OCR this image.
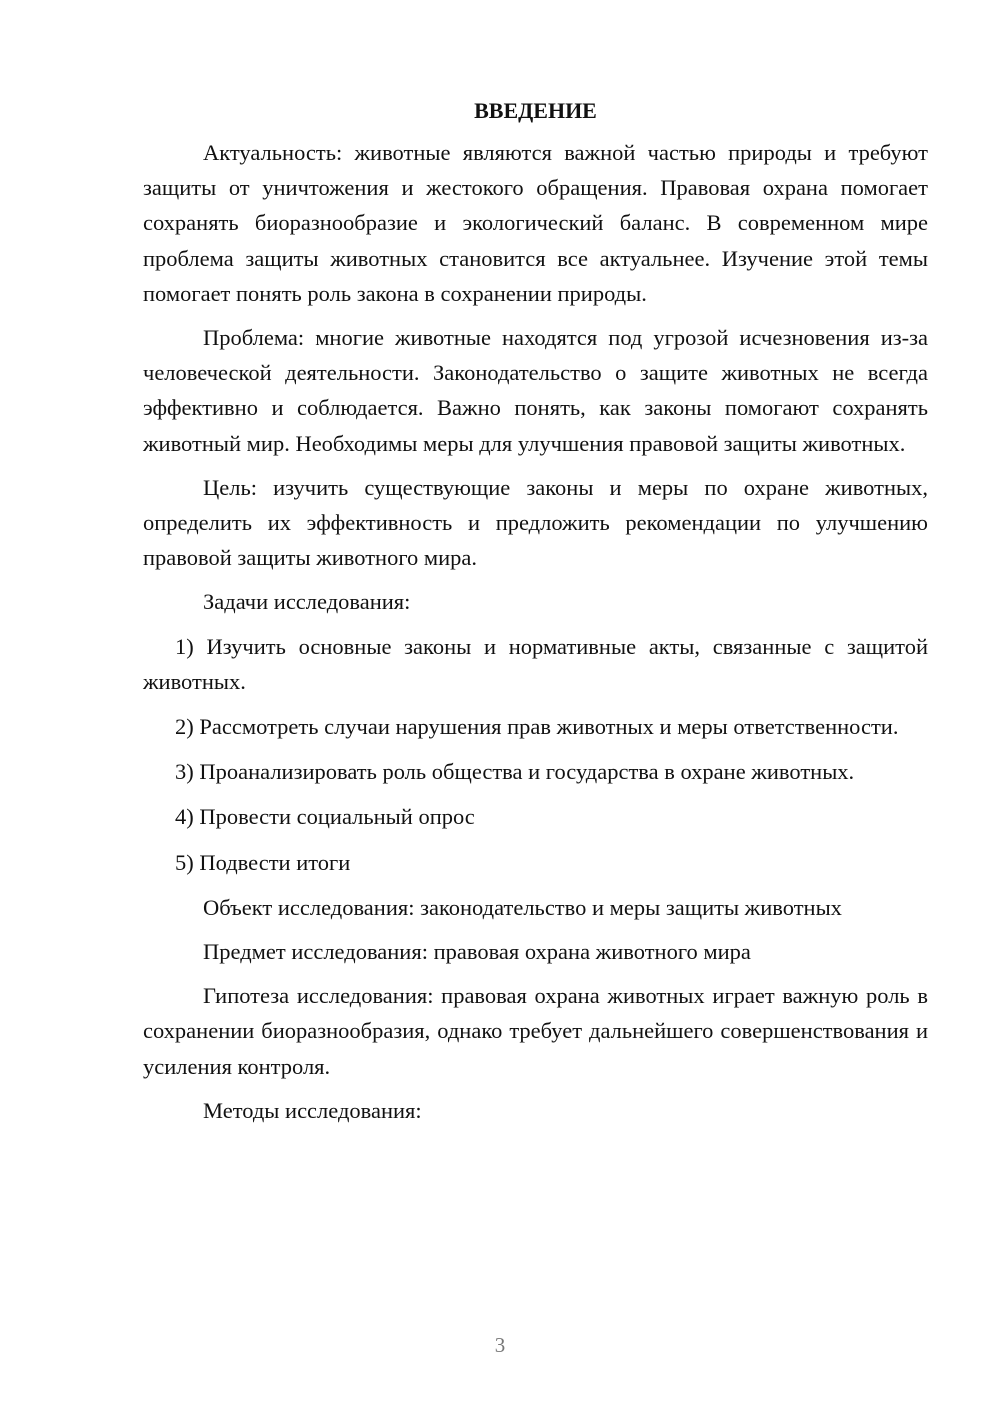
ВВЕДЕНИЕ

Актуальность: животные являются важной частью природы и требуют защиты от уничтожения и жестокого обращения. Правовая охрана помогает сохранять биоразнообразие и экологический баланс. В современном мире проблема защиты животных становится все актуальнее. Изучение этой темы помогает понять роль закона в сохранении природы.

Проблема: многие животные находятся под угрозой исчезновения из-за человеческой деятельности. Законодательство о защите животных не всегда эффективно и соблюдается. Важно понять, как законы помогают сохранять животный мир. Необходимы меры для улучшения правовой защиты животных.

Цель: изучить существующие законы и меры по охране животных, определить их эффективность и предложить рекомендации по улучшению правовой защиты животного мира.

Задачи исследования:

1) Изучить основные законы и нормативные акты, связанные с защитой животных.

2) Рассмотреть случаи нарушения прав животных и меры ответственности.

3) Проанализировать роль общества и государства в охране животных.

4) Провести социальный опрос

5) Подвести итоги

Объект исследования: законодательство и меры защиты животных

Предмет исследования: правовая охрана животного мира

Гипотеза исследования: правовая охрана животных играет важную роль в сохранении биоразнообразия, однако требует дальнейшего совершенствования и усиления контроля.

Методы исследования:

3
